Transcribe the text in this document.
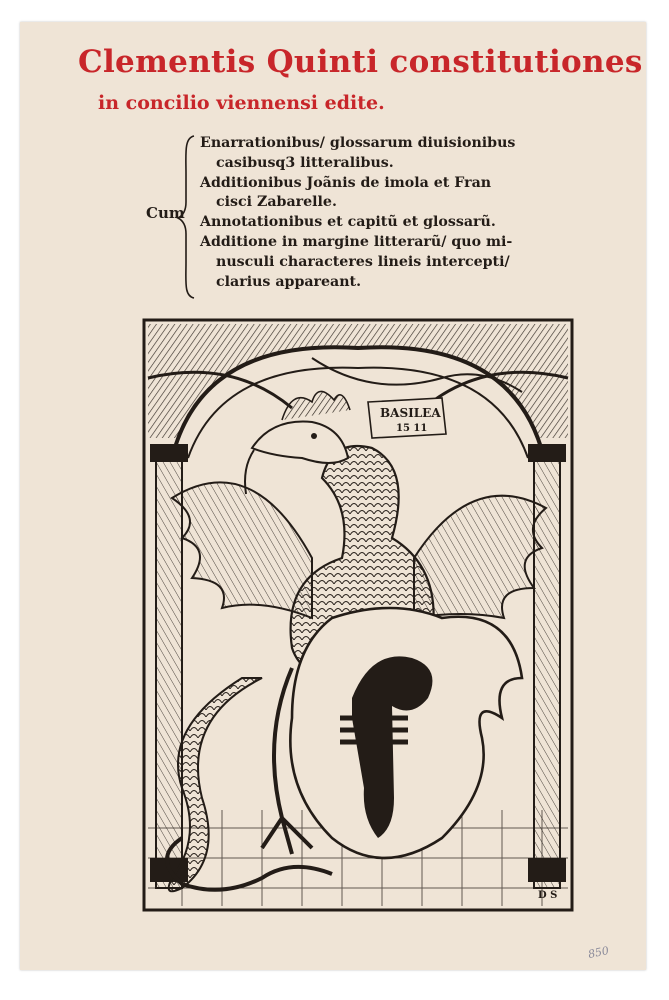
Clementis Quinti constitutiones
in concilio viennensi edite.
Cum
Enarrationibus/ glossarum diuisionibus
casibusq3 litteralibus.
Additionibus Joãnis de imola et Fran
cisci Zabarelle.
Annotationibus et capitũ et glossarũ.
Additione in margine litterarũ/ quo mi-
nusculi characteres lineis intercepti/
clarius appareant.
BASILEA
15 11
D S
850
